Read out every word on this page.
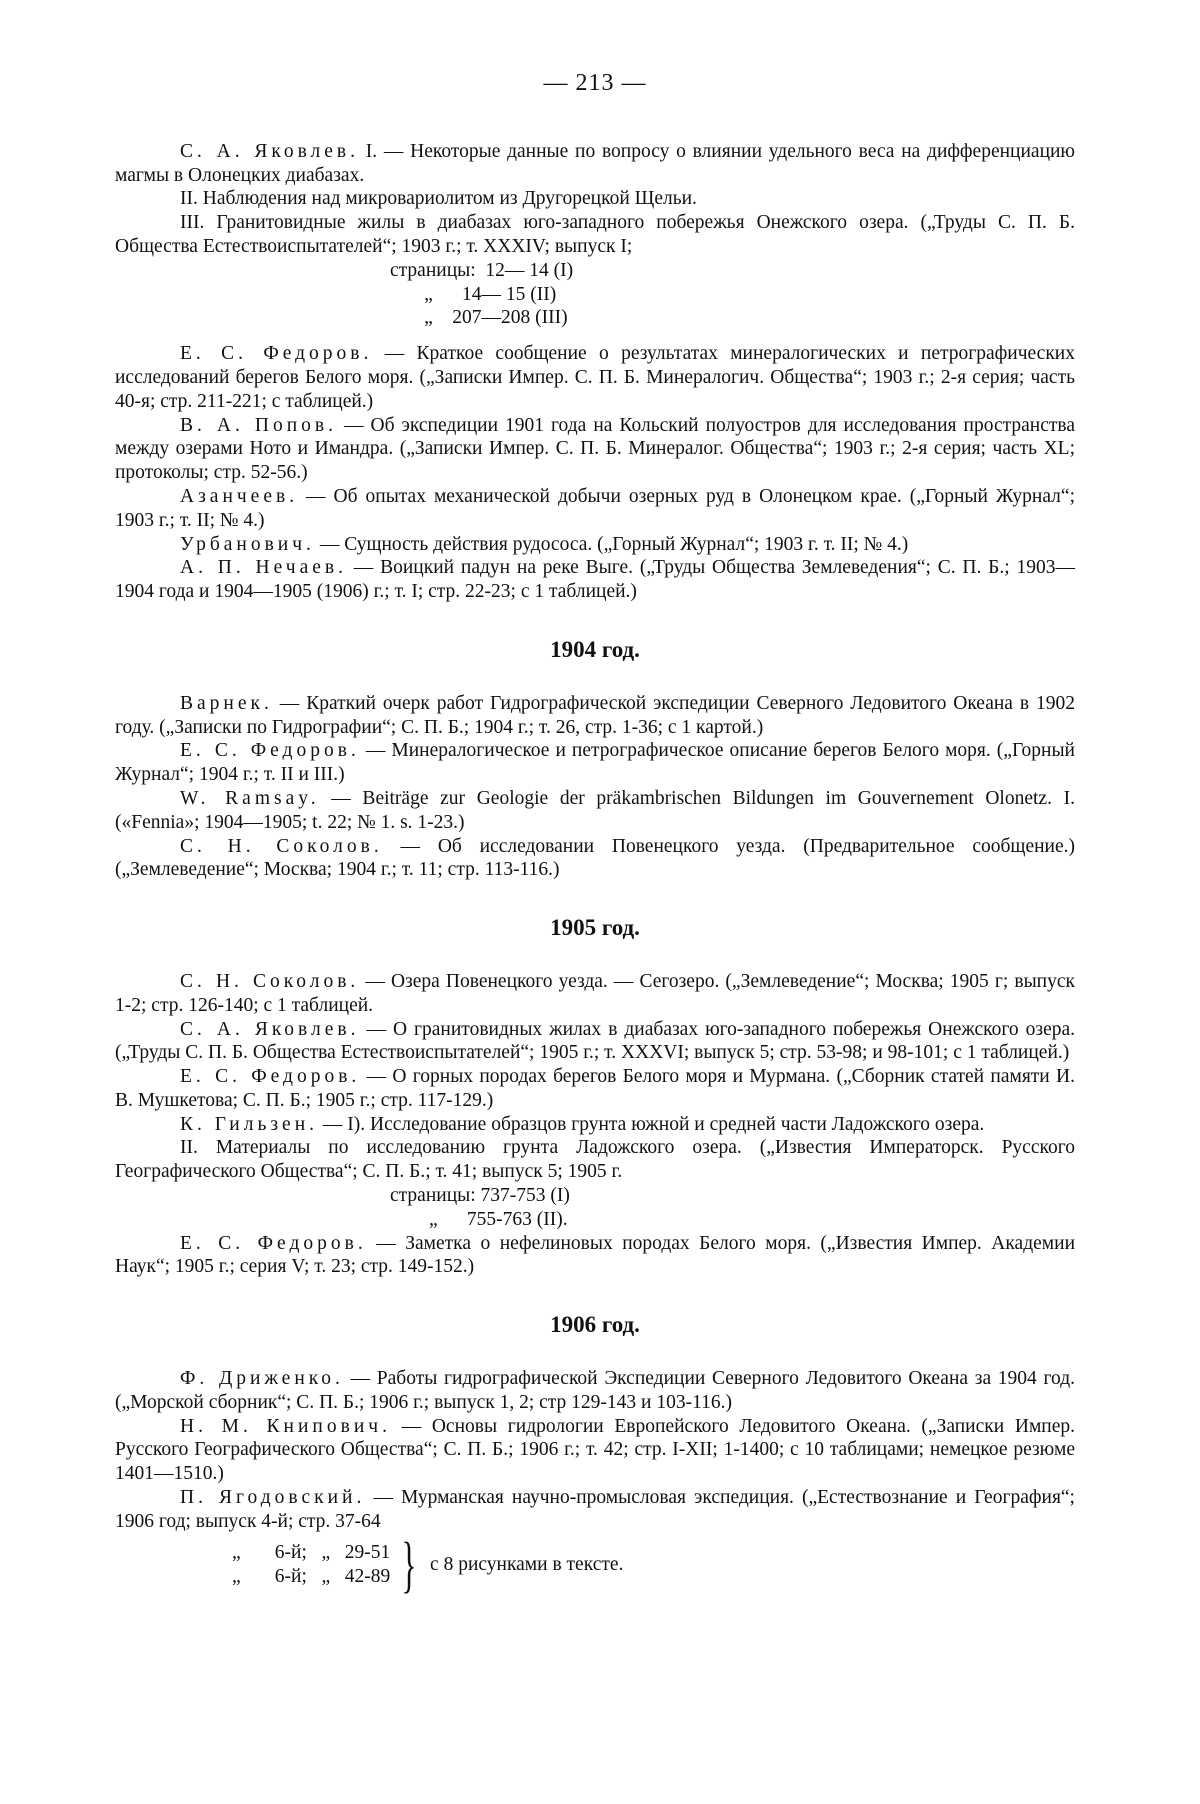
— 213 —

С. А. Яковлев. I. — Некоторые данные по вопросу о влиянии удельного веса на дифференциацию магмы в Олонецких диабазах.

II. Наблюдения над микровариолитом из Другорецкой Щельи.

III. Гранитовидные жилы в диабазах юго-западного побережья Онежского озера. („Труды С. П. Б. Общества Естествоиспытателей“; 1903 г.; т. XXXIV; выпуск I;

страницы:  12— 14 (I)
„      14— 15 (II)
„    207—208 (III)

Е. С. Федоров. — Краткое сообщение о результатах минералогических и петрографических исследований берегов Белого моря. („Записки Импер. С. П. Б. Минералогич. Общества“; 1903 г.; 2-я серия; часть 40-я; стр. 211-221; с таблицей.)

В. А. Попов. — Об экспедиции 1901 года на Кольский полуостров для исследования пространства между озерами Ното и Имандра. („Записки Импер. С. П. Б. Минералог. Общества“; 1903 г.; 2-я серия; часть XL; протоколы; стр. 52-56.)

Азанчеев. — Об опытах механической добычи озерных руд в Олонецком крае. („Горный Журнал“; 1903 г.; т. II; № 4.)

Урбанович. — Сущность действия рудососа. („Горный Журнал“; 1903 г. т. II; № 4.)

А. П. Нечаев. — Воицкий падун на реке Выге. („Труды Общества Землеведения“; С. П. Б.; 1903—1904 года и 1904—1905 (1906) г.; т. I; стр. 22-23; с 1 таблицей.)

1904 год.

Варнек. — Краткий очерк работ Гидрографической экспедиции Северного Ледовитого Океана в 1902 году. („Записки по Гидрографии“; С. П. Б.; 1904 г.; т. 26, стр. 1-36; с 1 картой.)

Е. С. Федоров. — Минералогическое и петрографическое описание берегов Белого моря. („Горный Журнал“; 1904 г.; т. II и III.)

W. Ramsay. — Beiträge zur Geologie der präkambrischen Bildungen im Gouvernement Olonetz. I. («Fennia»; 1904—1905; t. 22; № 1. s. 1-23.)

С. Н. Соколов. — Об исследовании Повенецкого уезда. (Предварительное сообщение.) („Землеведение“; Москва; 1904 г.; т. 11; стр. 113-116.)

1905 год.

С. Н. Соколов. — Озера Повенецкого уезда. — Сегозеро. („Землеведение“; Москва; 1905 г; выпуск 1-2; стр. 126-140; с 1 таблицей.

С. А. Яковлев. — О гранитовидных жилах в диабазах юго-западного побережья Онежского озера. („Труды С. П. Б. Общества Естествоиспытателей“; 1905 г.; т. XXXVI; выпуск 5; стр. 53-98; и 98-101; с 1 таблицей.)

Е. С. Федоров. — О горных породах берегов Белого моря и Мурмана. („Сборник статей памяти И. В. Мушкетова; С. П. Б.; 1905 г.; стр. 117-129.)

К. Гильзен. — I). Исследование образцов грунта южной и средней части Ладожского озера.

II. Материалы по исследованию грунта Ладожского озера. („Известия Императорск. Русского Географического Общества“; С. П. Б.; т. 41; выпуск 5; 1905 г.

страницы: 737-753 (I)
„      755-763 (II).

Е. С. Федоров. — Заметка о нефелиновых породах Белого моря. („Известия Импер. Академии Наук“; 1905 г.; серия V; т. 23; стр. 149-152.)

1906 год.

Ф. Дриженко. — Работы гидрографической Экспедиции Северного Ледовитого Океана за 1904 год. („Морской сборник“; С. П. Б.; 1906 г.; выпуск 1, 2; стр 129-143 и 103-116.)

Н. М. Книпович. — Основы гидрологии Европейского Ледовитого Океана. („Записки Импер. Русского Географического Общества“; С. П. Б.; 1906 г.; т. 42; стр. I-XII; 1-1400; с 10 таблицами; немецкое резюме 1401—1510.)

П. Ягодовский. — Мурманская научно-промысловая экспедиция. („Естествознание и География“; 1906 год; выпуск 4-й; стр. 37-64

„       6-й;   „   29-51
„       6-й;   „   42-89 } с 8 рисунками в тексте.
